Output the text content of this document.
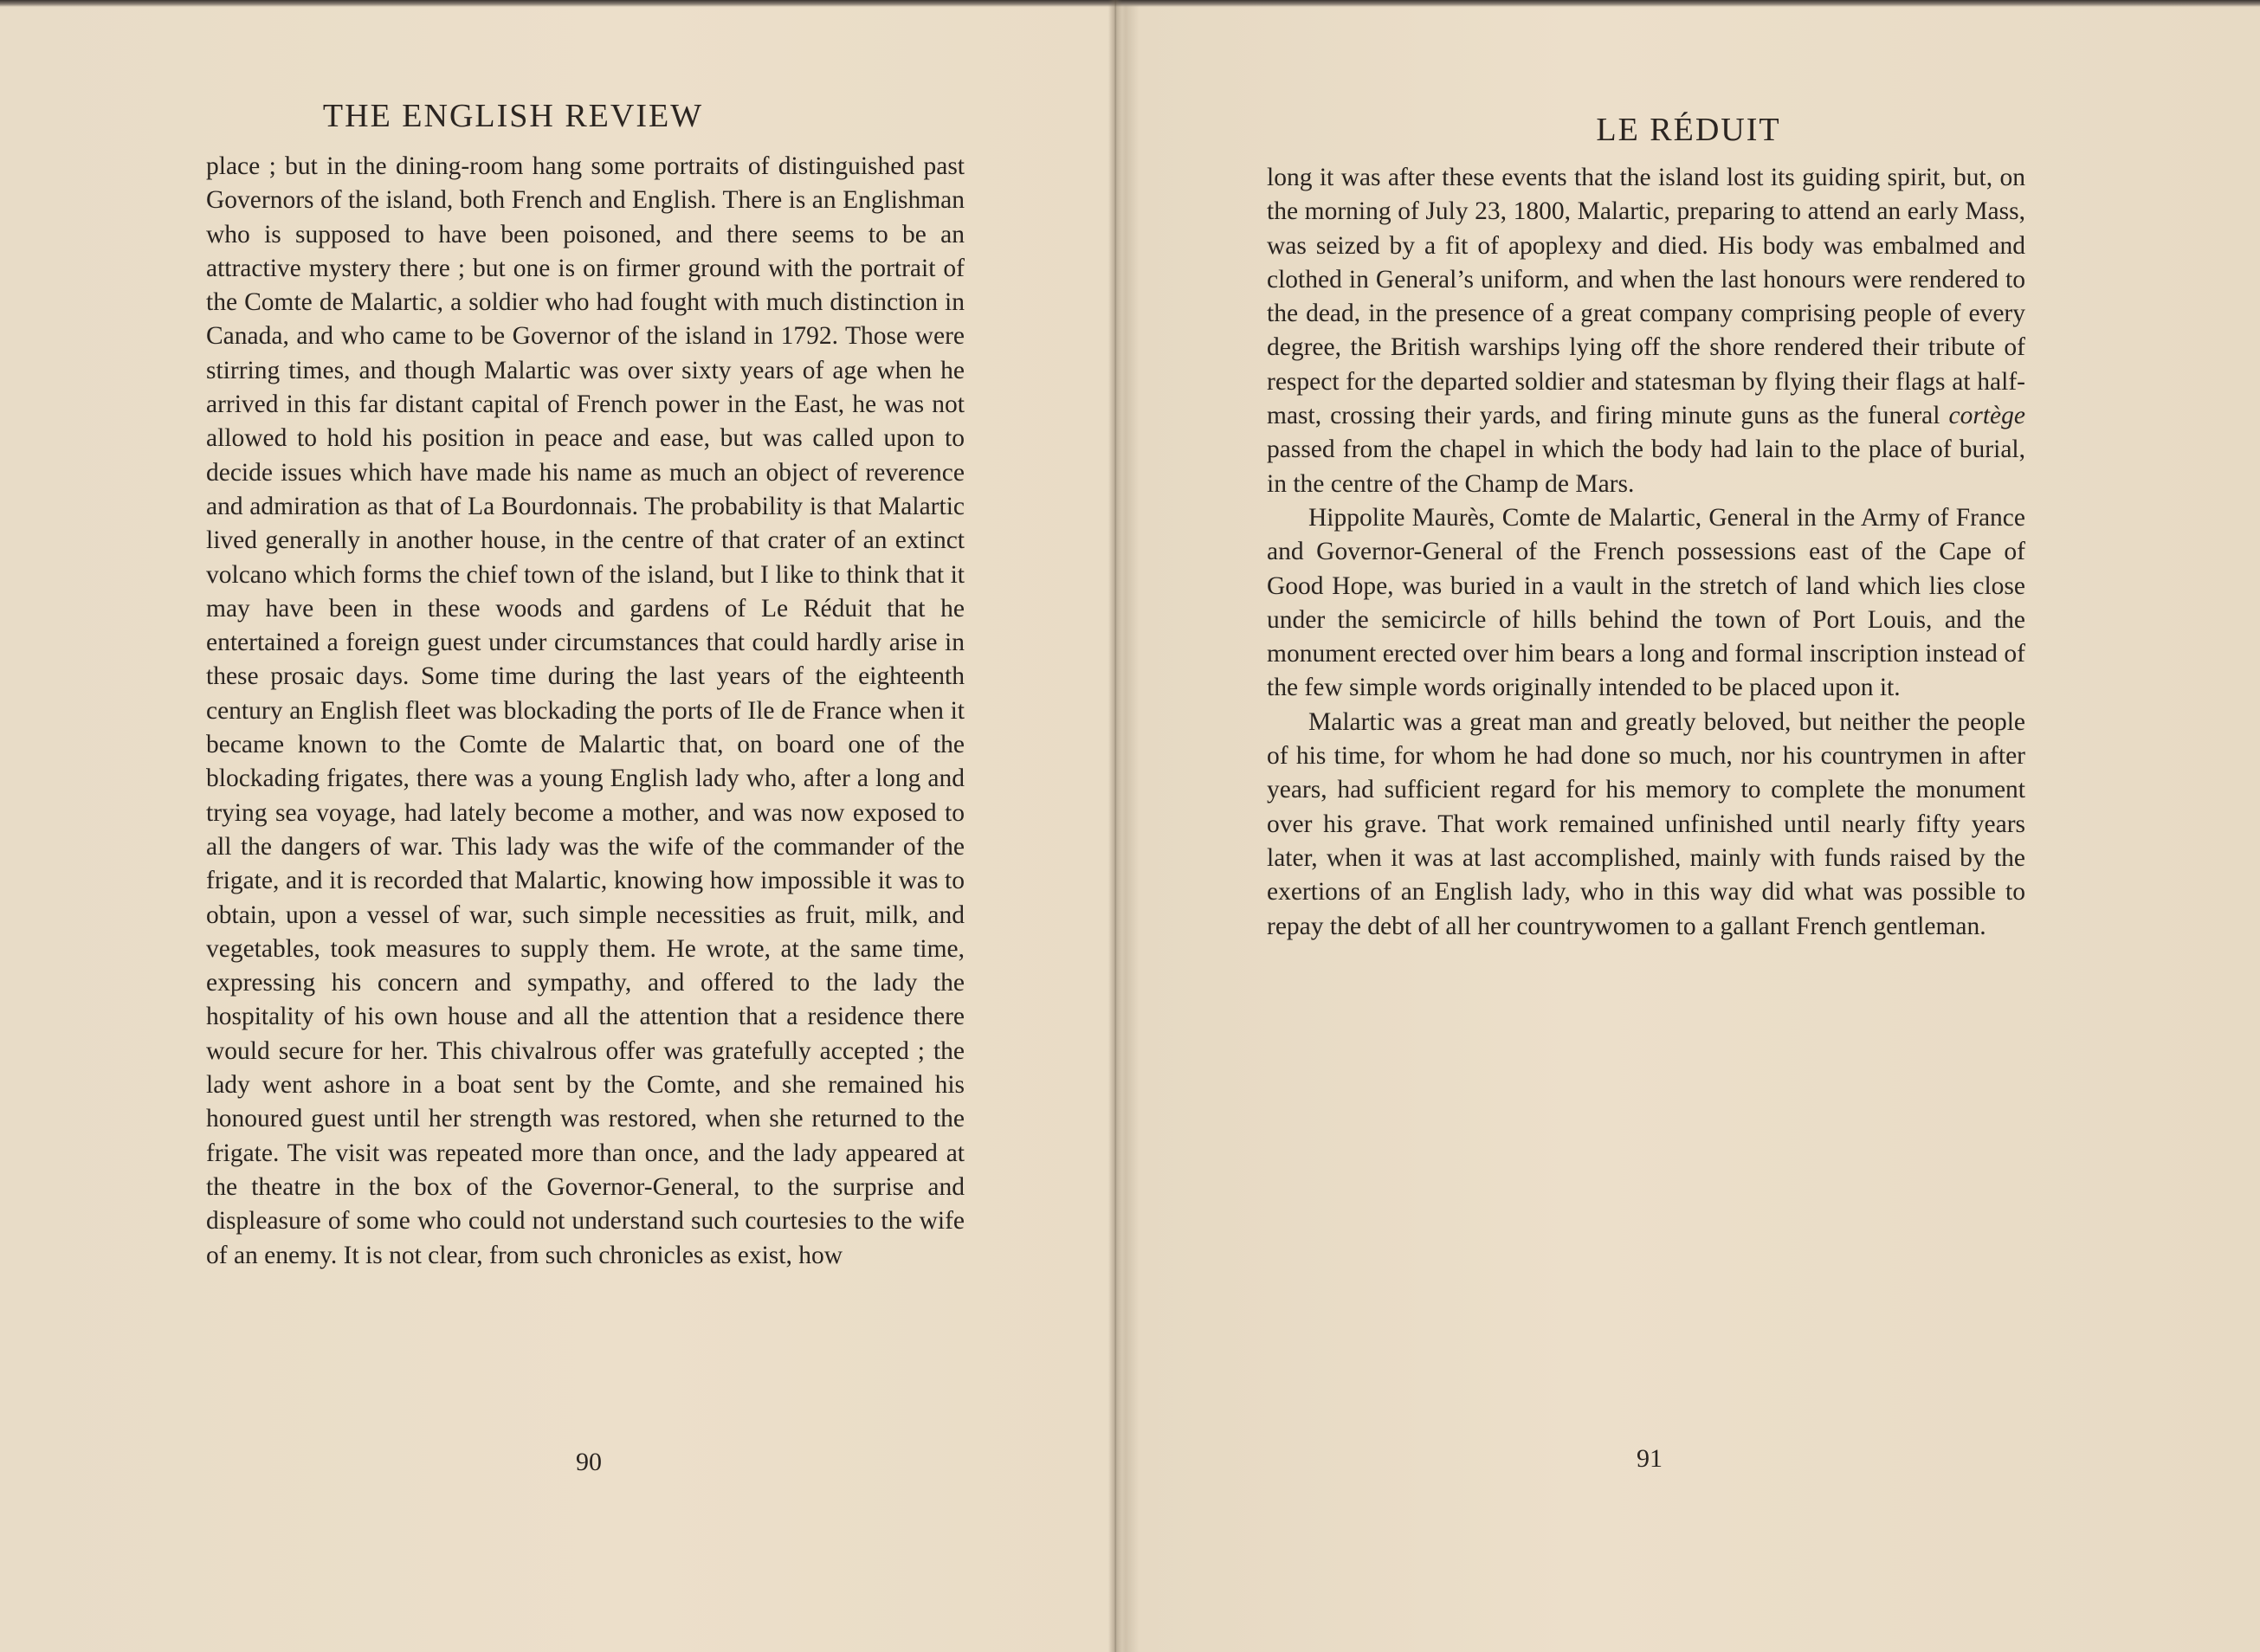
THE ENGLISH REVIEW

place ; but in the dining-room hang some portraits of distinguished past Governors of the island, both French and English. There is an Englishman who is supposed to have been poisoned, and there seems to be an attractive mystery there ; but one is on firmer ground with the portrait of the Comte de Malartic, a soldier who had fought with much distinction in Canada, and who came to be Governor of the island in 1792. Those were stirring times, and though Malartic was over sixty years of age when he arrived in this far distant capital of French power in the East, he was not allowed to hold his position in peace and ease, but was called upon to decide issues which have made his name as much an object of reverence and admiration as that of La Bourdonnais. The probability is that Malartic lived generally in another house, in the centre of that crater of an extinct volcano which forms the chief town of the island, but I like to think that it may have been in these woods and gardens of Le Réduit that he entertained a foreign guest under circumstances that could hardly arise in these prosaic days. Some time during the last years of the eighteenth century an English fleet was blockading the ports of Ile de France when it became known to the Comte de Malartic that, on board one of the blockading frigates, there was a young English lady who, after a long and trying sea voyage, had lately become a mother, and was now exposed to all the dangers of war. This lady was the wife of the commander of the frigate, and it is recorded that Malartic, knowing how impossible it was to obtain, upon a vessel of war, such simple necessities as fruit, milk, and vegetables, took measures to supply them. He wrote, at the same time, expressing his concern and sympathy, and offered to the lady the hospitality of his own house and all the attention that a residence there would secure for her. This chivalrous offer was gratefully accepted ; the lady went ashore in a boat sent by the Comte, and she remained his honoured guest until her strength was restored, when she returned to the frigate. The visit was repeated more than once, and the lady appeared at the theatre in the box of the Governor-General, to the surprise and displeasure of some who could not understand such courtesies to the wife of an enemy. It is not clear, from such chronicles as exist, how

90
LE RÉDUIT

long it was after these events that the island lost its guiding spirit, but, on the morning of July 23, 1800, Malartic, preparing to attend an early Mass, was seized by a fit of apoplexy and died. His body was embalmed and clothed in General’s uniform, and when the last honours were rendered to the dead, in the presence of a great company comprising people of every degree, the British warships lying off the shore rendered their tribute of respect for the departed soldier and statesman by flying their flags at half-mast, crossing their yards, and firing minute guns as the funeral cortège passed from the chapel in which the body had lain to the place of burial, in the centre of the Champ de Mars.

Hippolite Maurès, Comte de Malartic, General in the Army of France and Governor-General of the French possessions east of the Cape of Good Hope, was buried in a vault in the stretch of land which lies close under the semicircle of hills behind the town of Port Louis, and the monument erected over him bears a long and formal inscription instead of the few simple words originally intended to be placed upon it.

Malartic was a great man and greatly beloved, but neither the people of his time, for whom he had done so much, nor his countrymen in after years, had sufficient regard for his memory to complete the monument over his grave. That work remained unfinished until nearly fifty years later, when it was at last accomplished, mainly with funds raised by the exertions of an English lady, who in this way did what was possible to repay the debt of all her countrywomen to a gallant French gentleman.

91
